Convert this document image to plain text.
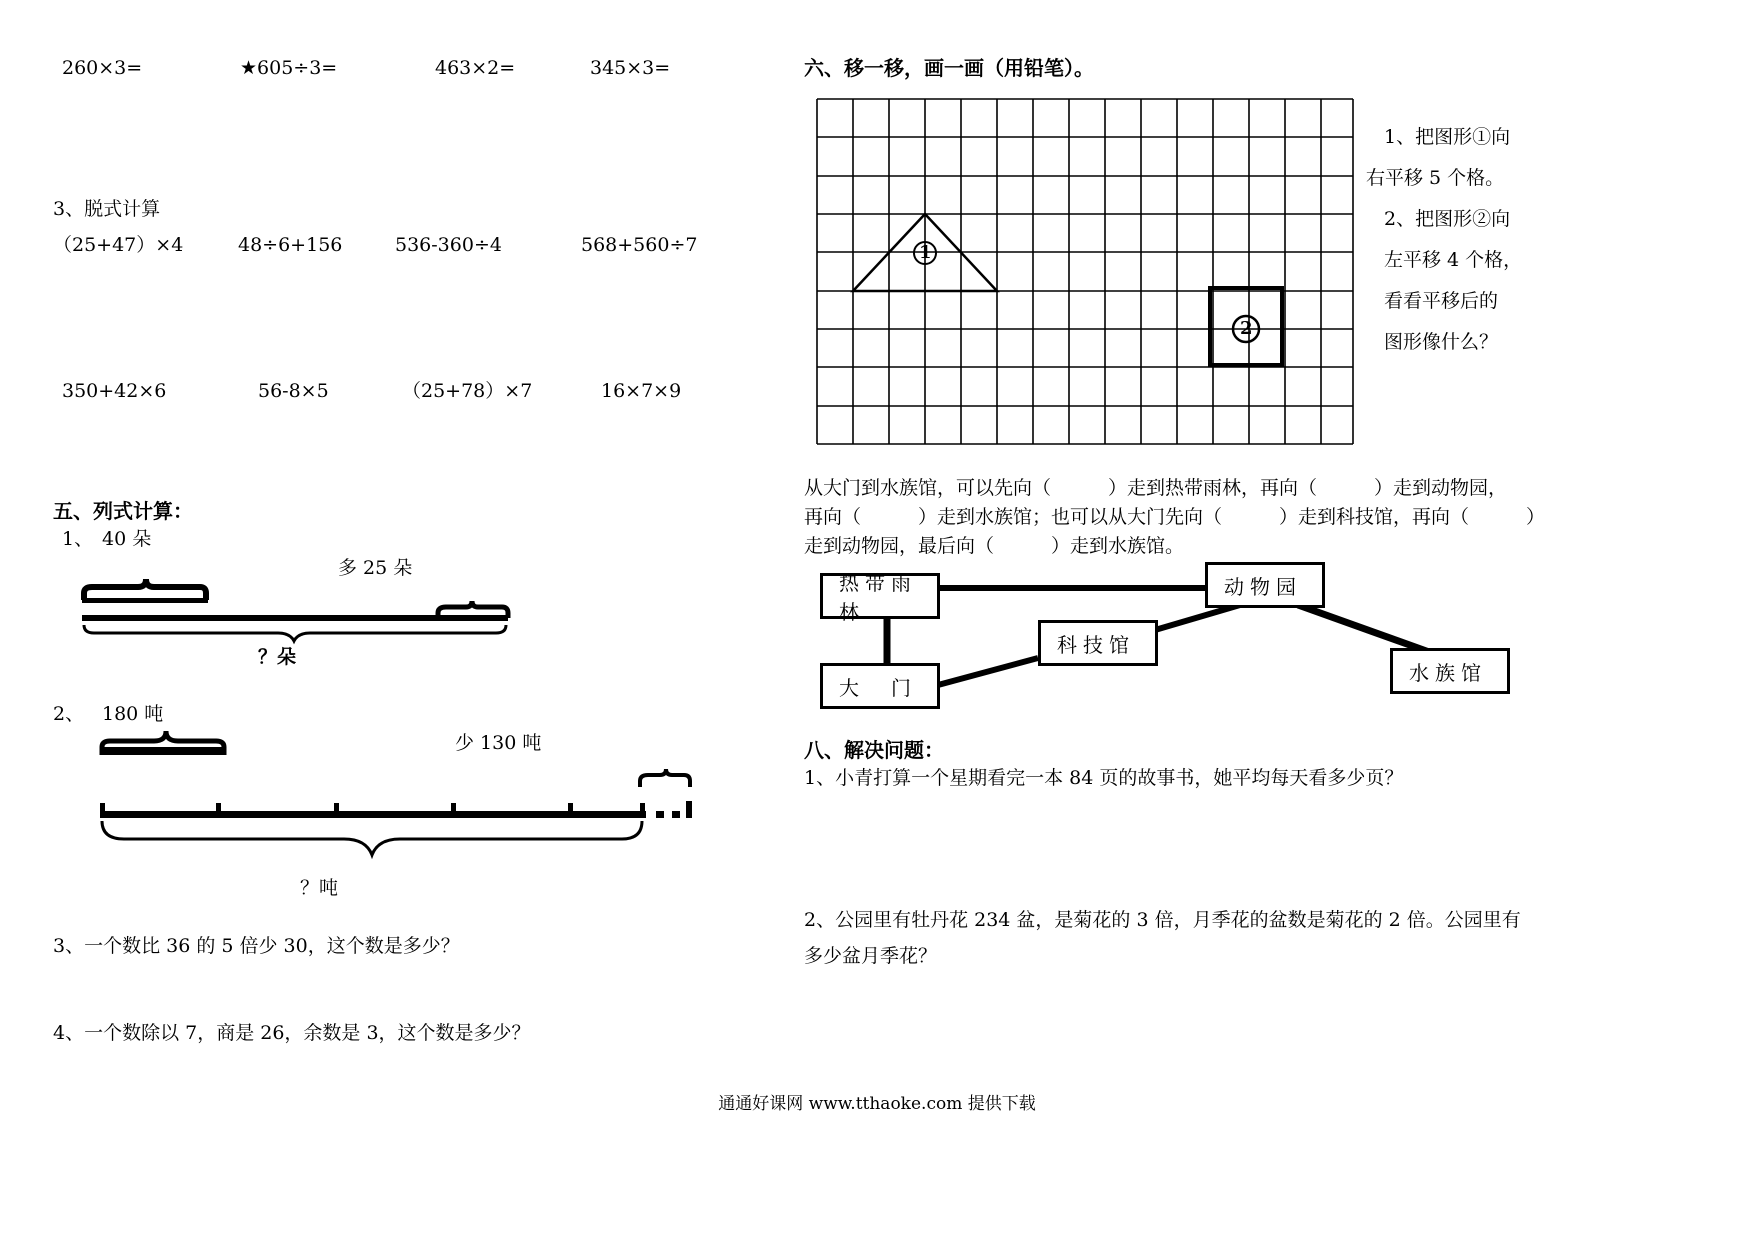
260×3=	★605÷3=	463×2=	345×3=
3、脱式计算
（25+47）×4	48÷6+156	536-360÷4	568+560÷7
350+42×6	56-8×5	（25+78）×7	16×7×9
五、列式计算：
1、 40 朵
多 25 朵
？朵
2、 180 吨
少 130 吨
？吨
3、一个数比 36 的 5 倍少 30，这个数是多少？
4、一个数除以 7，商是 26，余数是 3，这个数是多少？
六、移一移，画一画（用铅笔）。
1
2
1、把图形①向
右平移 5 个格。
2、把图形②向
左平移 4 个格，
看看平移后的
图形像什么？
从大门到水族馆，可以先向（　　　）走到热带雨林，再向（　　　）走到动物园，
再向（　　　）走到水族馆；也可以从大门先向（　　　）走到科技馆，再向（　　　）
走到动物园，最后向（　　　）走到水族馆。
热带雨林
动物园
科技馆
大　门
水族馆
八、解决问题：
1、小青打算一个星期看完一本 84 页的故事书，她平均每天看多少页？
2、公园里有牡丹花 234 盆，是菊花的 3 倍，月季花的盆数是菊花的 2 倍。公园里有
多少盆月季花？
通通好课网 www.tthaoke.com 提供下载
